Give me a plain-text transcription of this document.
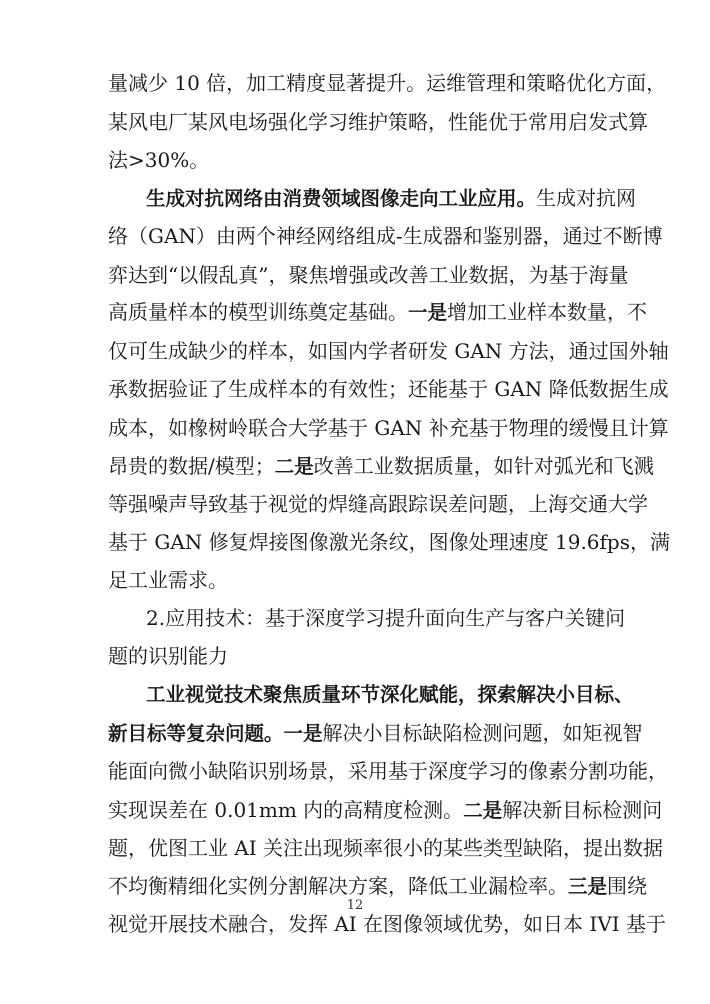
量减少 10 倍，加工精度显著提升。运维管理和策略优化方面，
某风电厂某风电场强化学习维护策略，性能优于常用启发式算
法>30%。
生成对抗网络由消费领域图像走向工业应用。生成对抗网
络（GAN）由两个神经网络组成-生成器和鉴别器，通过不断博
弈达到“以假乱真”，聚焦增强或改善工业数据，为基于海量
高质量样本的模型训练奠定基础。一是增加工业样本数量，不
仅可生成缺少的样本，如国内学者研发 GAN 方法，通过国外轴
承数据验证了生成样本的有效性；还能基于 GAN 降低数据生成
成本，如橡树岭联合大学基于 GAN 补充基于物理的缓慢且计算
昂贵的数据/模型；二是改善工业数据质量，如针对弧光和飞溅
等强噪声导致基于视觉的焊缝高跟踪误差问题，上海交通大学
基于 GAN 修复焊接图像激光条纹，图像处理速度 19.6fps，满
足工业需求。
2.应用技术：基于深度学习提升面向生产与客户关键问
题的识别能力
工业视觉技术聚焦质量环节深化赋能，探索解决小目标、
新目标等复杂问题。一是解决小目标缺陷检测问题，如矩视智
能面向微小缺陷识别场景，采用基于深度学习的像素分割功能，
实现误差在 0.01mm 内的高精度检测。二是解决新目标检测问
题，优图工业 AI 关注出现频率很小的某些类型缺陷，提出数据
不均衡精细化实例分割解决方案，降低工业漏检率。三是围绕
视觉开展技术融合，发挥 AI 在图像领域优势，如日本 IVI 基于
12
